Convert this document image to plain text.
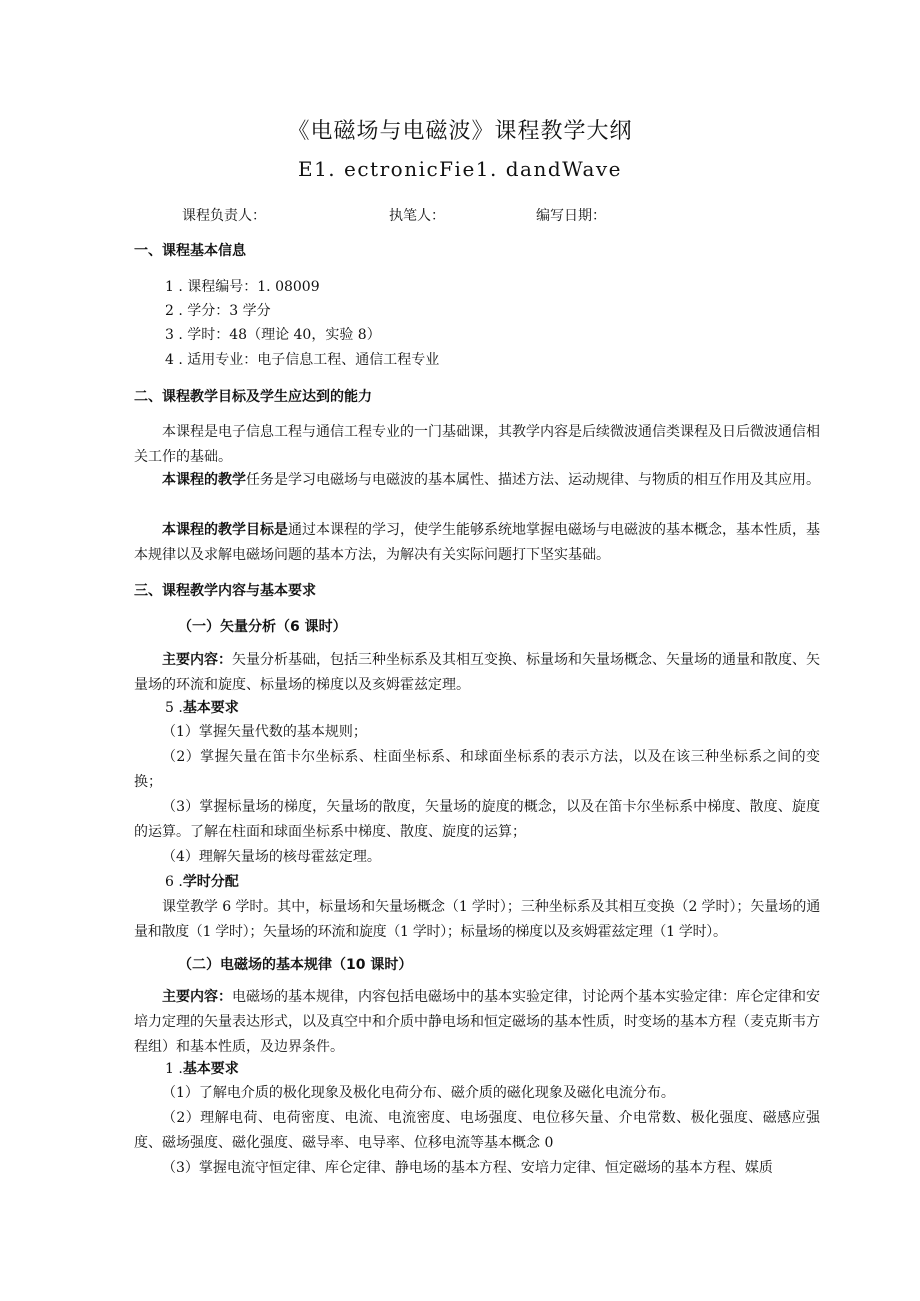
《电磁场与电磁波》课程教学大纲
E1. ectronicFie1. dandWave
课程负责人：	执笔人：	编写日期：
一、课程基本信息
1 . 课程编号：1. 08009
2 . 学分：3 学分
3 . 学时：48（理论 40，实验 8）
4 . 适用专业：电子信息工程、通信工程专业
二、课程教学目标及学生应达到的能力
本课程是电子信息工程与通信工程专业的一门基础课，其教学内容是后续微波通信类课程及日后微波通信相关工作的基础。
本课程的教学任务是学习电磁场与电磁波的基本属性、描述方法、运动规律、与物质的相互作用及其应用。
本课程的教学目标是通过本课程的学习，使学生能够系统地掌握电磁场与电磁波的基本概念，基本性质，基本规律以及求解电磁场问题的基本方法，为解决有关实际问题打下坚实基础。
三、课程教学内容与基本要求
（一）矢量分析（6 课时）
主要内容：矢量分析基础，包括三种坐标系及其相互变换、标量场和矢量场概念、矢量场的通量和散度、矢量场的环流和旋度、标量场的梯度以及亥姆霍兹定理。
5 .基本要求
（1）掌握矢量代数的基本规则；
（2）掌握矢量在笛卡尔坐标系、柱面坐标系、和球面坐标系的表示方法，以及在该三种坐标系之间的变换；
（3）掌握标量场的梯度，矢量场的散度，矢量场的旋度的概念，以及在笛卡尔坐标系中梯度、散度、旋度的运算。了解在柱面和球面坐标系中梯度、散度、旋度的运算；
（4）理解矢量场的核母霍兹定理。
6 .学时分配
课堂教学 6 学时。其中，标量场和矢量场概念（1 学时）；三种坐标系及其相互变换（2 学时）；矢量场的通量和散度（1 学时）；矢量场的环流和旋度（1 学时）；标量场的梯度以及亥姆霍兹定理（1 学时）。
（二）电磁场的基本规律（10 课时）
主要内容：电磁场的基本规律，内容包括电磁场中的基本实验定律，讨论两个基本实验定律：库仑定律和安培力定理的矢量表达形式，以及真空中和介质中静电场和恒定磁场的基本性质，时变场的基本方程（麦克斯韦方程组）和基本性质，及边界条件。
1 .基本要求
（1）了解电介质的极化现象及极化电荷分布、磁介质的磁化现象及磁化电流分布。
（2）理解电荷、电荷密度、电流、电流密度、电场强度、电位移矢量、介电常数、极化强度、磁感应强度、磁场强度、磁化强度、磁导率、电导率、位移电流等基本概念 0
（3）掌握电流守恒定律、库仑定律、静电场的基本方程、安培力定律、恒定磁场的基本方程、媒质
